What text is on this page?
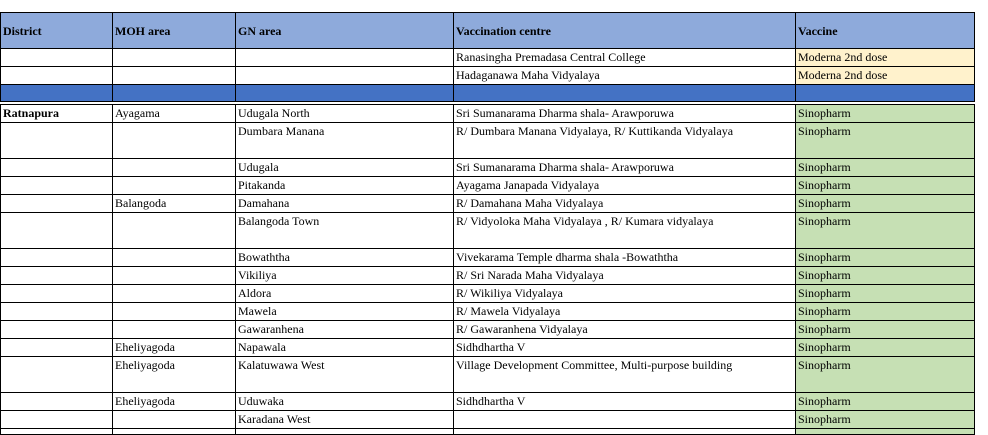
District	MOH area	GN area	Vaccination centre	Vaccine
			Ranasingha Premadasa Central College	Moderna 2nd dose
			Hadaganawa Maha Vidyalaya	Moderna 2nd dose

Ratnapura	Ayagama	Udugala North	Sri Sumanarama Dharma shala- Arawporuwa	Sinopharm
		Dumbara Manana	R/ Dumbara Manana Vidyalaya, R/ Kuttikanda Vidyalaya	Sinopharm
		Udugala	Sri Sumanarama Dharma shala- Arawporuwa	Sinopharm
		Pitakanda	Ayagama Janapada Vidyalaya	Sinopharm
	Balangoda	Damahana	R/ Damahana Maha Vidyalaya	Sinopharm
		Balangoda Town	R/ Vidyoloka Maha Vidyalaya , R/ Kumara vidyalaya	Sinopharm
		Bowaththa	Vivekarama Temple dharma shala -Bowaththa	Sinopharm
		Vikiliya	R/ Sri Narada Maha Vidyalaya	Sinopharm
		Aldora	R/ Wikiliya Vidyalaya	Sinopharm
		Mawela	R/ Mawela Vidyalaya	Sinopharm
		Gawaranhena	R/ Gawaranhena Vidyalaya	Sinopharm
	Eheliyagoda	Napawala	Sidhdhartha V	Sinopharm
	Eheliyagoda	Kalatuwawa West	Village Development Committee, Multi-purpose building	Sinopharm
	Eheliyagoda	Uduwaka	Sidhdhartha V	Sinopharm
		Karadana West		Sinopharm
